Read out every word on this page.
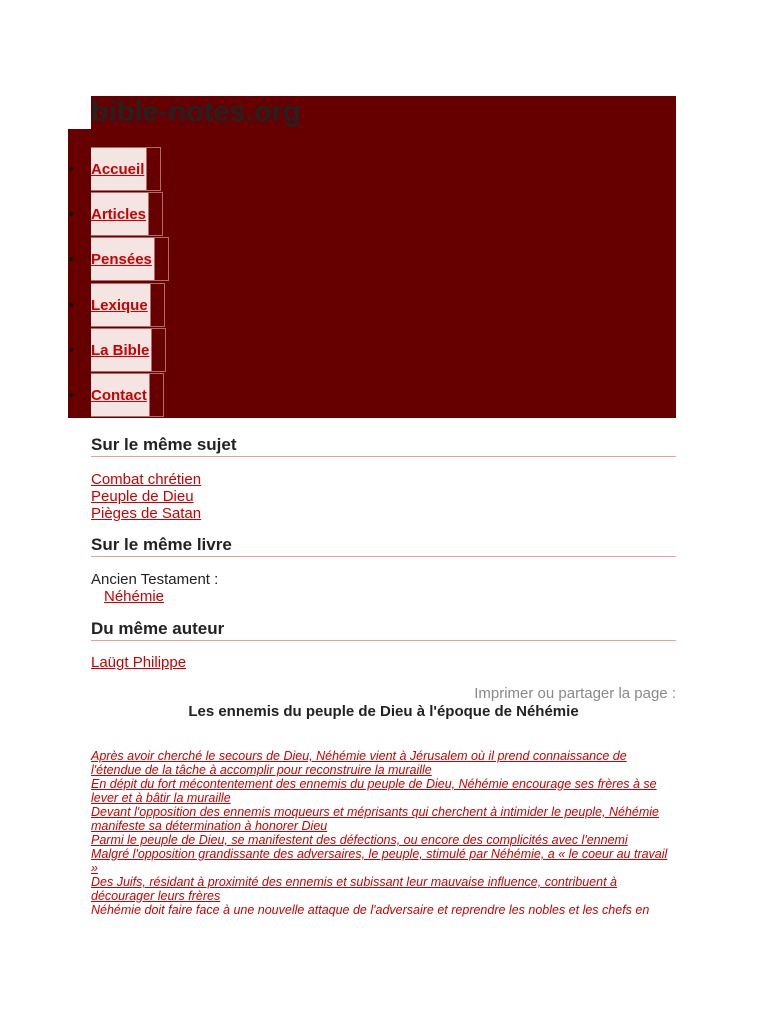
bible-notes.org
Accueil
Articles
Pensées
Lexique
La Bible
Contact
Sur le même sujet
Combat chrétien
Peuple de Dieu
Pièges de Satan
Sur le même livre
Ancien Testament :
Néhémie
Du même auteur
Laügt Philippe
Imprimer ou partager la page :
Les ennemis du peuple de Dieu à l'époque de Néhémie
Après avoir cherché le secours de Dieu, Néhémie vient à Jérusalem où il prend connaissance de l'étendue de la tâche à accomplir pour reconstruire la muraille
En dépit du fort mécontentement des ennemis du peuple de Dieu, Néhémie encourage ses frères à se lever et à bâtir la muraille
Devant l'opposition des ennemis moqueurs et méprisants qui cherchent à intimider le peuple, Néhémie manifeste sa détermination à honorer Dieu
Parmi le peuple de Dieu, se manifestent des défections, ou encore des complicités avec l'ennemi
Malgré l'opposition grandissante des adversaires, le peuple, stimulé par Néhémie, a « le coeur au travail »
Des Juifs, résidant à proximité des ennemis et subissant leur mauvaise influence, contribuent à décourager leurs frères
Néhémie doit faire face à une nouvelle attaque de l'adversaire et reprendre les nobles et les chefs en
